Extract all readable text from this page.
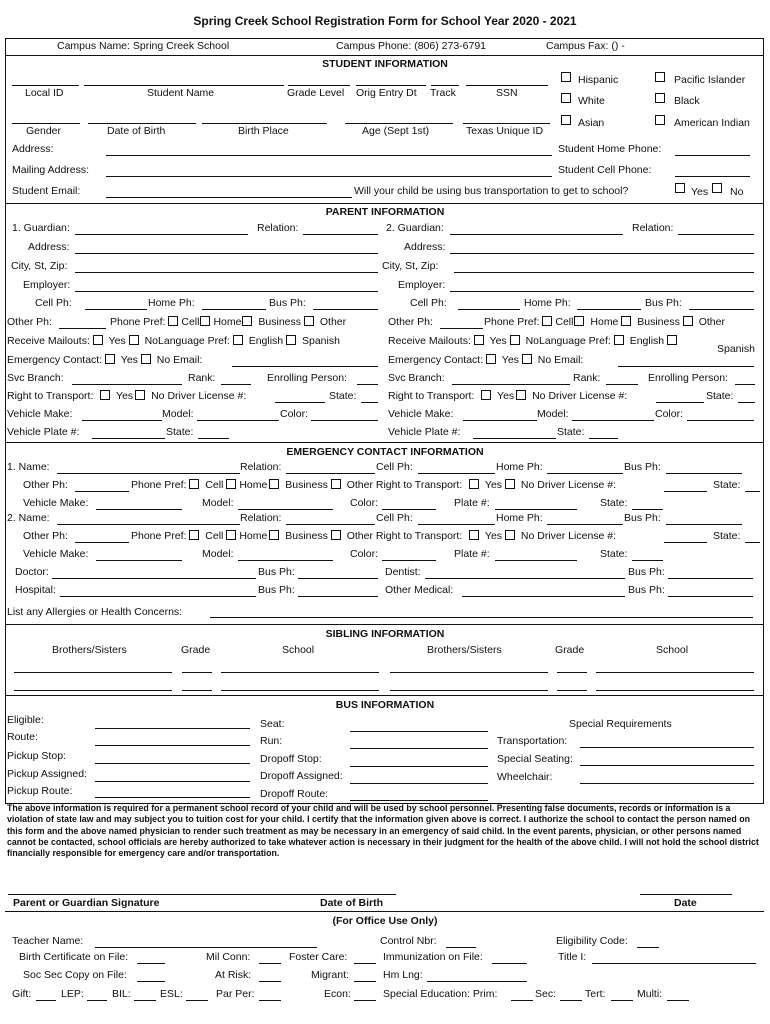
Spring Creek School Registration Form for School Year 2020 - 2021
Campus Name: Spring Creek School	Campus Phone: (806) 273-6791	Campus Fax: () -
STUDENT INFORMATION
Local ID	Student Name	Grade Level Orig Entry Dt Track	SSN
Gender	Date of Birth	Birth Place	Age (Sept 1st)	Texas Unique ID
Hispanic	Pacific Islander
White	Black
Asian	American Indian
Address:	Student Home Phone:
Mailing Address:	Student Cell Phone:
Student Email:	Will your child be using bus transportation to get to school?	Yes No
PARENT INFORMATION
1. Guardian:	Relation:	2. Guardian:	Relation:
Address:	Address:
City, St, Zip:	City, St, Zip:
Employer:	Employer:
Cell Ph:	Home Ph:	Bus Ph:	Cell Ph:	Home Ph:	Bus Ph:
Other Ph:	Phone Pref: Cell Home Business Other	Other Ph:	Phone Pref: Cell Home Business Other
Receive Mailouts: Yes NoLanguage Pref: English Spanish	Receive Mailouts: Yes NoLanguage Pref: English
Spanish
Emergency Contact: Yes No Email:	Emergency Contact: Yes No Email:
Svc Branch:	Rank:	Enrolling Person:	Svc Branch:	Rank:	Enrolling Person:
Right to Transport: Yes No Driver License #:	State:	Right to Transport: Yes No Driver License #:	State:
Vehicle Make:	Model:	Color:	Vehicle Make:	Model:	Color:
Vehicle Plate #:	State:	Vehicle Plate #:	State:
EMERGENCY CONTACT INFORMATION
1. Name:	Relation:	Cell Ph:	Home Ph:	Bus Ph:
Other Ph:	Phone Pref: Cell Home Business Other Right to Transport: Yes No Driver License #:	State:
Vehicle Make:	Model:	Color:	Plate #:	State:
2. Name:	Relation:	Cell Ph:	Home Ph:	Bus Ph:
Other Ph:	Phone Pref: Cell Home Business Other Right to Transport: Yes No Driver License #:	State:
Vehicle Make:	Model:	Color:	Plate #:	State:
Doctor:	Bus Ph:	Dentist:	Bus Ph:
Hospital:	Bus Ph:	Other Medical:	Bus Ph:
List any Allergies or Health Concerns:
SIBLING INFORMATION
Brothers/Sisters	Grade	School	Brothers/Sisters	Grade	School
BUS INFORMATION
Eligible:
Route:
Pickup Stop:
Pickup Assigned:
Pickup Route:
Seat:
Run:
Dropoff Stop:
Dropoff Assigned:
Dropoff Route:
Special Requirements
Transportation:
Special Seating:
Wheelchair:
The above information is required for a permanent school record of your child and will be used by school personnel. Presenting false documents, records or information is a violation of state law and may subject you to tuition cost for your child. I certify that the information given above is correct. I authorize the school to contact the person named on this form and the above named physician to render such treatment as may be necessary in an emergency of said child. In the event parents, physician, or other persons named cannot be contacted, school officials are hereby authorized to take whatever action is necessary in their judgment for the health of the above child. I will not hold the school district financially responsible for emergency care and/or transportation.
Parent or Guardian Signature	Date of Birth	Date
(For Office Use Only)
Teacher Name:	Control Nbr:	Eligibility Code:
Birth Certificate on File:	Mil Conn:	Foster Care:	Immunization on File:	Title I:
Soc Sec Copy on File:	At Risk:	Migrant:	Hm Lng:
Gift:	LEP:	BIL:	ESL:	Par Per:	Econ:	Special Education: Prim:	Sec:	Tert:	Multi:
